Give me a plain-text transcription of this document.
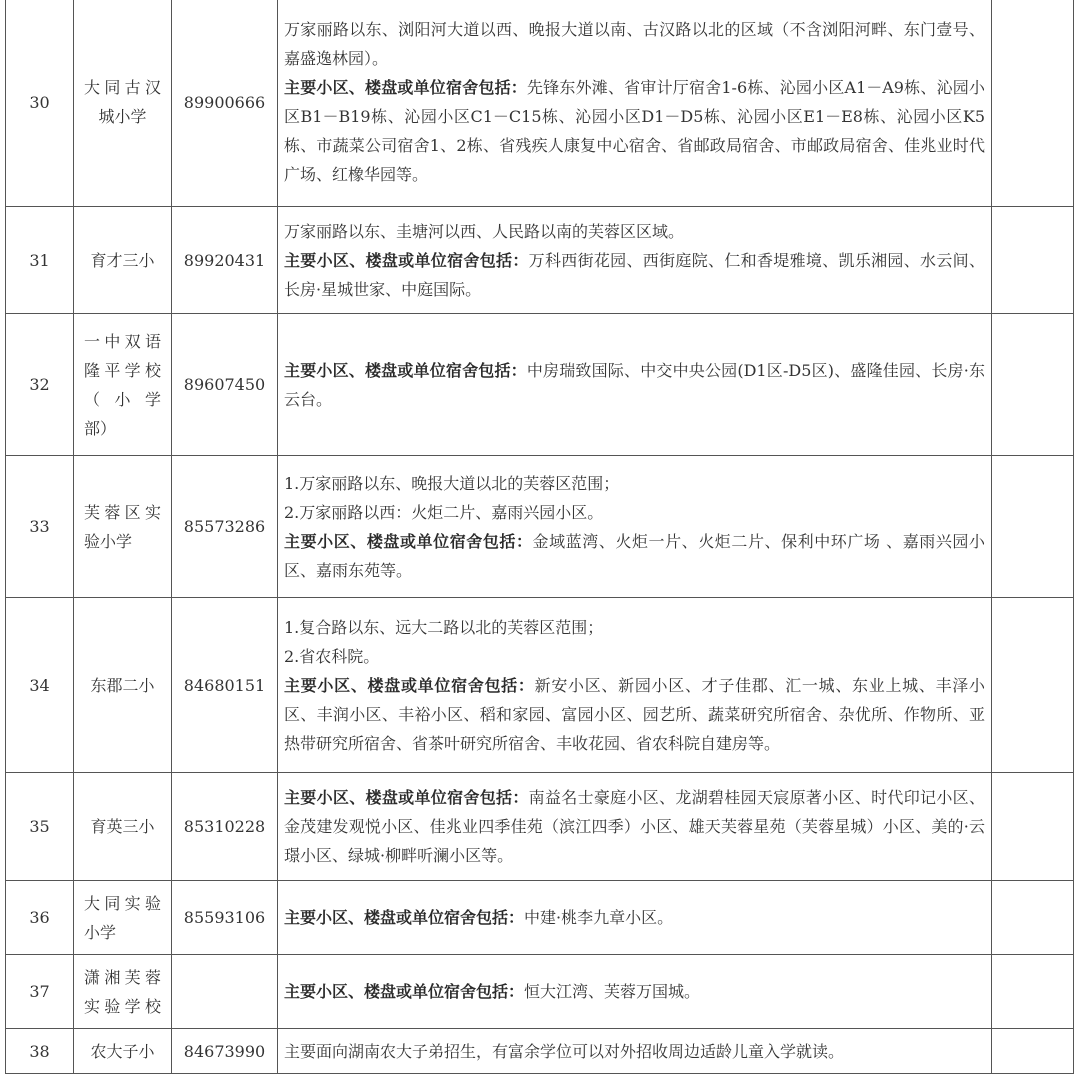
30	大同古汉
城小学	89900666	万家丽路以东、浏阳河大道以西、晚报大道以南、古汉路以北的区域（不含浏阳河畔、东门壹号、嘉盛逸林园）。
主要小区、楼盘或单位宿舍包括：先锋东外滩、省审计厅宿舍1-6栋、沁园小区A1－A9栋、沁园小区B1－B19栋、沁园小区C1－C15栋、沁园小区D1－D5栋、沁园小区E1－E8栋、沁园小区K5栋、市蔬菜公司宿舍1、2栋、省残疾人康复中心宿舍、省邮政局宿舍、市邮政局宿舍、佳兆业时代广场、红橡华园等。	

31	育才三小	89920431	万家丽路以东、圭塘河以西、人民路以南的芙蓉区区域。
主要小区、楼盘或单位宿舍包括：万科西街花园、西街庭院、仁和香堤雅境、凯乐湘园、水云间、长房·星城世家、中庭国际。	

32	一中双语
隆平学校
（ 小 学
部）	89607450	主要小区、楼盘或单位宿舍包括：中房瑞致国际、中交中央公园(D1区-D5区)、盛隆佳园、长房·东云台。	

33	芙蓉区实
验小学	85573286	1.万家丽路以东、晚报大道以北的芙蓉区范围；
2.万家丽路以西：火炬二片、嘉雨兴园小区。
主要小区、楼盘或单位宿舍包括：金域蓝湾、火炬一片、火炬二片、保利中环广场 、嘉雨兴园小区、嘉雨东苑等。	

34	东郡二小	84680151	1.复合路以东、远大二路以北的芙蓉区范围；
2.省农科院。
主要小区、楼盘或单位宿舍包括：新安小区、新园小区、才子佳郡、汇一城、东业上城、丰泽小区、丰润小区、丰裕小区、稻和家园、富园小区、园艺所、蔬菜研究所宿舍、杂优所、作物所、亚热带研究所宿舍、省茶叶研究所宿舍、丰收花园、省农科院自建房等。	

35	育英三小	85310228	主要小区、楼盘或单位宿舍包括：南益名士豪庭小区、龙湖碧桂园天宸原著小区、时代印记小区、金茂建发观悦小区、佳兆业四季佳苑（滨江四季）小区、雄天芙蓉星苑（芙蓉星城）小区、美的·云璟小区、绿城·柳畔听澜小区等。	

36	大同实验
小学	85593106	主要小区、楼盘或单位宿舍包括：中建·桃李九章小区。	

37	潇湘芙蓉
实验学校		主要小区、楼盘或单位宿舍包括：恒大江湾、芙蓉万国城。	

38	农大子小	84673990	主要面向湖南农大子弟招生，有富余学位可以对外招收周边适龄儿童入学就读。	
